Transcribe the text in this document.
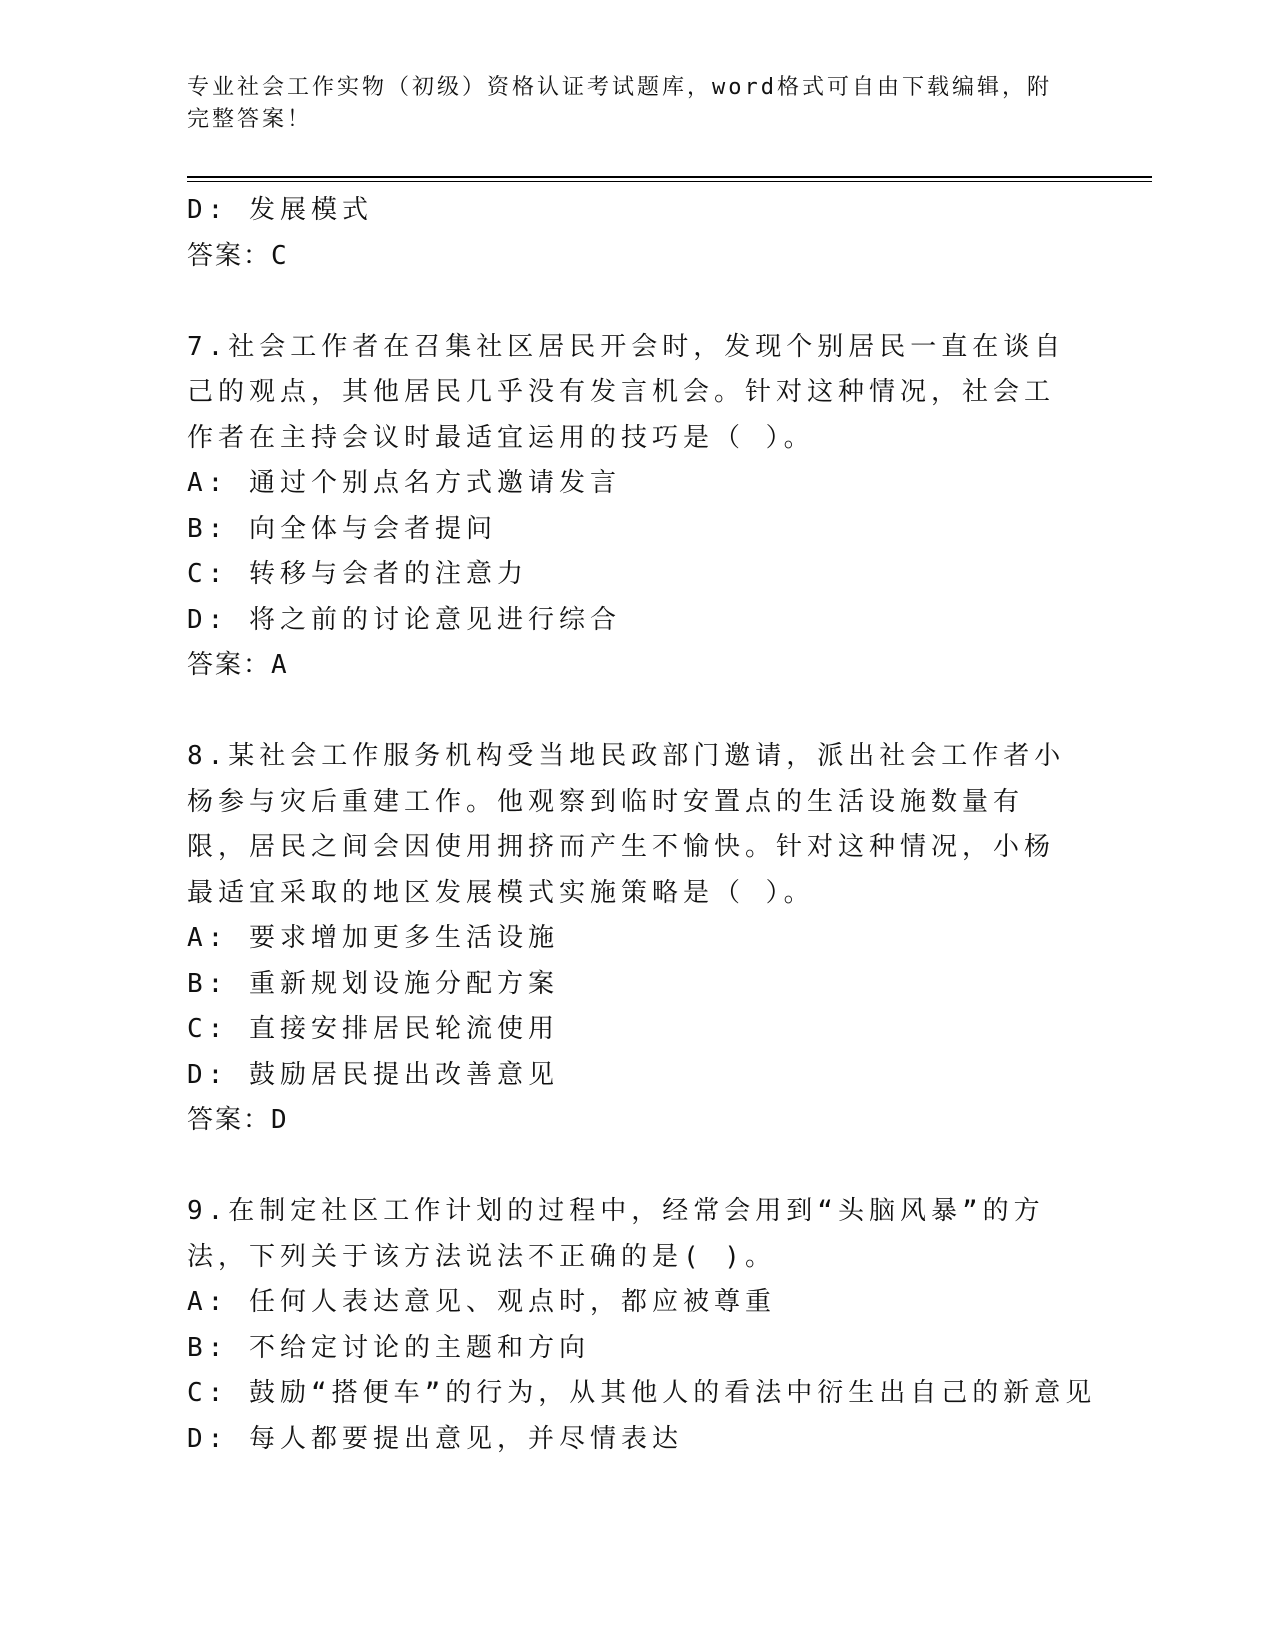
专业社会工作实物（初级）资格认证考试题库，word格式可自由下载编辑，附完整答案！
D: 发展模式
答案：C
7.社会工作者在召集社区居民开会时，发现个别居民一直在谈自己的观点，其他居民几乎没有发言机会。针对这种情况，社会工作者在主持会议时最适宜运用的技巧是（ ）。
A: 通过个别点名方式邀请发言
B: 向全体与会者提问
C: 转移与会者的注意力
D: 将之前的讨论意见进行综合
答案：A
8.某社会工作服务机构受当地民政部门邀请，派出社会工作者小杨参与灾后重建工作。他观察到临时安置点的生活设施数量有限，居民之间会因使用拥挤而产生不愉快。针对这种情况，小杨最适宜采取的地区发展模式实施策略是（ ）。
A: 要求增加更多生活设施
B: 重新规划设施分配方案
C: 直接安排居民轮流使用
D: 鼓励居民提出改善意见
答案：D
9.在制定社区工作计划的过程中，经常会用到“头脑风暴”的方法，下列关于该方法说法不正确的是( )。
A: 任何人表达意见、观点时，都应被尊重
B: 不给定讨论的主题和方向
C: 鼓励“搭便车”的行为，从其他人的看法中衍生出自己的新意见
D: 每人都要提出意见，并尽情表达
